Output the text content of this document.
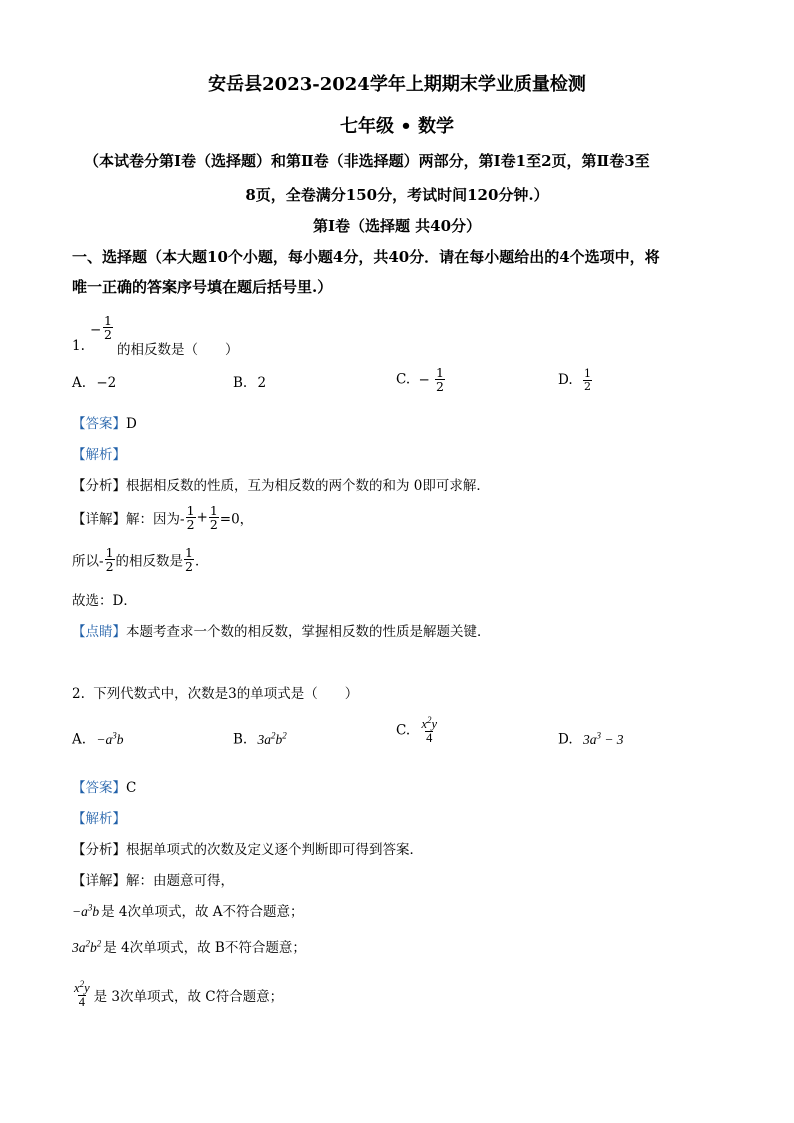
安岳县2023-2024学年上期期末学业质量检测
七年级 • 数学
（本试卷分第Ⅰ卷（选择题）和第Ⅱ卷（非选择题）两部分，第Ⅰ卷1至2页，第Ⅱ卷3至
8页，全卷满分150分，考试时间120分钟.）
第Ⅰ卷（选择题 共40分）
一、选择题（本大题10个小题，每小题4分，共40分．请在每小题给出的4个选项中，将
唯一正确的答案序号填在题后括号里.）
1.
− $\frac{1}{2}$
的相反数是（　　）
A. −2	B. 2	C. − $\frac{1}{2}$	D. $\frac{1}{2}$
【答案】D
【解析】
【分析】根据相反数的性质，互为相反数的两个数的和为 0即可求解．
【详解】解：因为- $\frac{1}{2} + \frac{1}{2} =0$，
所以- $\frac{1}{2}$ 的相反数是 $\frac{1}{2}$ ．
故选：D．
【点睛】本题考查求一个数的相反数，掌握相反数的性质是解题关键．
2. 下列代数式中，次数是3的单项式是（　　）
A. $-a^3b$	B. $3a^2b^2$	C. $\frac{x^2y}{4}$	D. $3a^3 - 3$
【答案】C
【解析】
【分析】根据单项式的次数及定义逐个判断即可得到答案．
【详解】解：由题意可得，
$-a^3b$ 是 4次单项式，故 A不符合题意；
$3a^2b^2$ 是 4次单项式，故 B不符合题意；
$\frac{x^2y}{4}$ 是 3次单项式，故 C符合题意；
